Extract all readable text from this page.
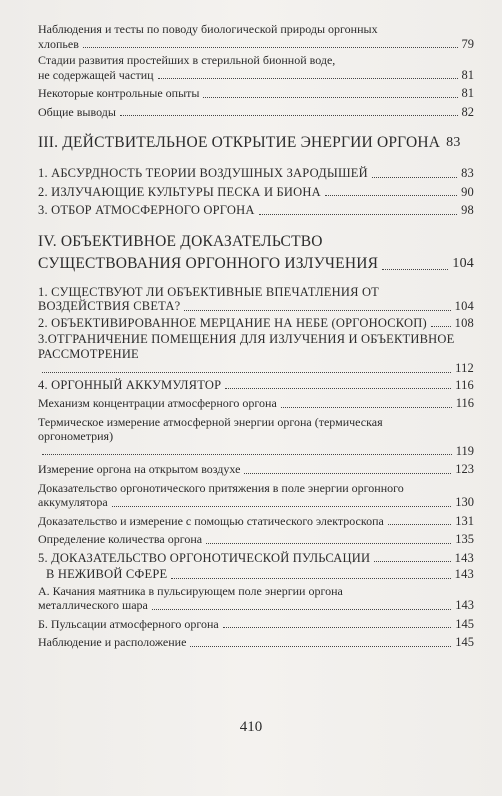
Наблюдения и тесты по поводу биологической природы оргонных
хлопьев	79
Стадии развития простейших в стерильной бионной воде,
не содержащей частиц	81
Некоторые контрольные опыты	81
Общие выводы	82
III. ДЕЙСТВИТЕЛЬНОЕ ОТКРЫТИЕ ЭНЕРГИИ ОРГОНА 83
1. АБСУРДНОСТЬ ТЕОРИИ ВОЗДУШНЫХ ЗАРОДЫШЕЙ	83
2. ИЗЛУЧАЮЩИЕ КУЛЬТУРЫ ПЕСКА И БИОНА	90
3. ОТБОР АТМОСФЕРНОГО ОРГОНА	98
IV. ОБЪЕКТИВНОЕ ДОКАЗАТЕЛЬСТВО
СУЩЕСТВОВАНИЯ ОРГОННОГО ИЗЛУЧЕНИЯ	104
1. СУЩЕСТВУЮТ ЛИ ОБЪЕКТИВНЫЕ ВПЕЧАТЛЕНИЯ ОТ
ВОЗДЕЙСТВИЯ СВЕТА?	104
2. ОБЪЕКТИВИРОВАННОЕ МЕРЦАНИЕ НА НЕБЕ (ОРГОНОСКОП) 108
3.ОТГРАНИЧЕНИЕ ПОМЕЩЕНИЯ ДЛЯ ИЗЛУЧЕНИЯ И ОБЪЕКТИВНОЕ
РАССМОТРЕНИЕ
112
4. ОРГОННЫЙ АККУМУЛЯТОР	116
Механизм концентрации атмосферного оргона	116
Термическое измерение атмосферной энергии оргона (термическая
оргонометрия)
119
Измерение оргона на открытом воздухе	123
Доказательство оргонотического притяжения в поле энергии оргонного
аккумулятора	130
Доказательство и измерение с помощью статического электроскопа	131
Определение количества оргона	135
5. ДОКАЗАТЕЛЬСТВО ОРГОНОТИЧЕСКОЙ ПУЛЬСАЦИИ	143
В НЕЖИВОЙ СФЕРЕ	143
А. Качания маятника в пульсирующем поле энергии оргона
металлического шара	143
Б. Пульсации атмосферного оргона	145
Наблюдение и расположение	145
410
